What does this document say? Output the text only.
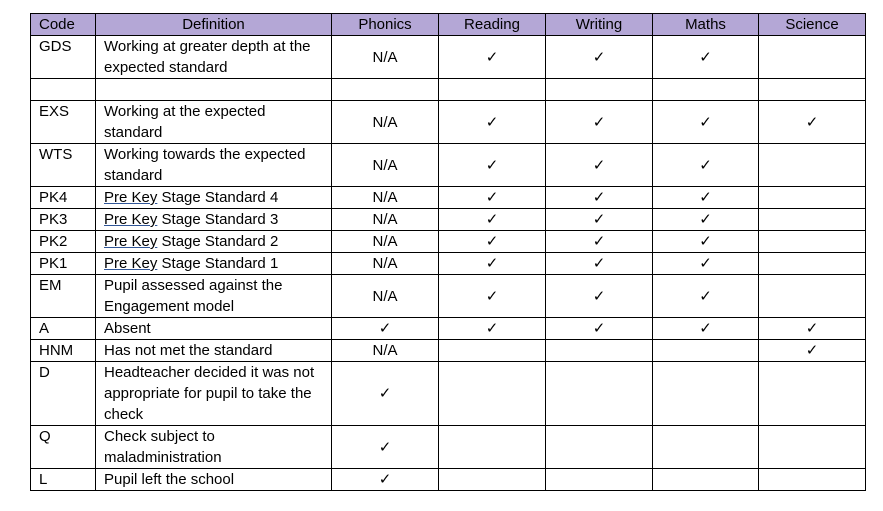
Code	Definition	Phonics	Reading	Writing	Maths	Science
GDS	Working at greater depth at the expected standard	N/A	✓	✓	✓	

EXS	Working at the expected standard	N/A	✓	✓	✓	✓
WTS	Working towards the expected standard	N/A	✓	✓	✓	
PK4	Pre Key Stage Standard 4	N/A	✓	✓	✓	
PK3	Pre Key Stage Standard 3	N/A	✓	✓	✓	
PK2	Pre Key Stage Standard 2	N/A	✓	✓	✓	
PK1	Pre Key Stage Standard 1	N/A	✓	✓	✓	
EM	Pupil assessed against the Engagement model	N/A	✓	✓	✓	
A	Absent	✓	✓	✓	✓	✓
HNM	Has not met the standard	N/A				✓
D	Headteacher decided it was not appropriate for pupil to take the check	✓				
Q	Check subject to maladministration	✓				
L	Pupil left the school	✓				
